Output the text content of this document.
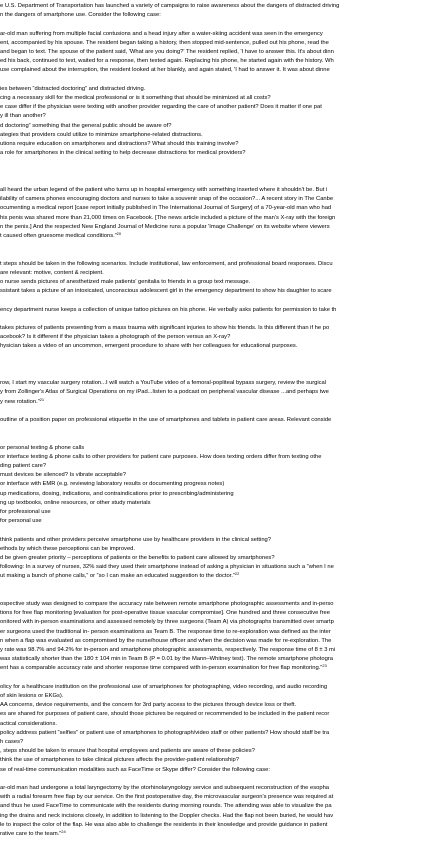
e U.S. Department of Transportation has launched a variety of campaigns to raise awareness about the dangers of distracted driving
n the dangers of smartphone use. Consider the following case:
ar-old man suffering from multiple facial contusions and a head injury after a water-skiing accident was seen in the emergency
ent, accompanied by his spouse. The resident began taking a history, then stopped mid-sentence, pulled out his phone, read the
and began to text. The spouse of the patient said, 'What are you doing?' The resident replied, 'I have to answer this. It's about dinn
ed his back, continued to text, waited for a response, then texted again. Replacing his phone, he started again with the history. Wh
use complained about the interruption, the resident looked at her blankly, and again stated, 'I had to answer it. It was about dinne
ies between “distracted doctoring” and distracted driving.
cing a necessary skill for the medical professional or is it something that should be minimized at all costs?
e case differ if the physician were texting with another provider regarding the care of another patient? Does it matter if one pat
y ill than another?
d doctoring” something that the general public should be aware of?
ategies that providers could utilize to minimize smartphone-related distractions.
utions require education on smartphones and distractions? What should this training involve?
a role for smartphones in the clinical setting to help decrease distractions for medical providers?
all heard the urban legend of the patient who turns up in hospital emergency with something inserted where it shouldn't be. But i
ilability of camera phones encouraging doctors and nurses to take a souvenir snap of the occasion?... A recent story in The Canbe
ocumenting a medical report [case report initially published in The International Journal of Surgery] of a 70-year-old man who had
his penis was shared more than 21,000 times on Facebook. [The news article included a picture of the man's X-ray with the foreign
n the penis.] And the respected New England Journal of Medicine runs a popular 'Image Challenge' on its website where viewers
t caused often gruesome medical conditions.”$^{20}$
t steps should be taken in the following scenarios. Include institutional, law enforcement, and professional board responses. Discu
are relevant: motive, content & recipient.
o nurse sends pictures of anesthetized male patients' genitalia to friends in a group text message.
ssistant takes a picture of an intoxicated, unconscious adolescent girl in the emergency department to show his daughter to scare
ency department nurse keeps a collection of unique tattoo pictures on his phone. He verbally asks patients for permission to take th
takes pictures of patients presenting from a mass trauma with significant injuries to show his friends. Is this different than if he po
acebook? Is it different if the physician takes a photograph of the person versus an X-ray?
hysician takes a video of an uncommon, emergent procedure to share with her colleagues for educational purposes.
row, I start my vascular surgery rotation...I will watch a YouTube video of a femoral-popliteal bypass surgery, review the surgical
y from Zollinger's Atlas of Surgical Operations on my iPad...listen to a podcast on peripheral vascular disease ...and perhaps twe
y new rotation.”$^{21}$
outline of a position paper on professional etiquette in the use of smartphones and tablets in patient care areas. Relevant conside
or personal texting & phone calls
or interface texting & phone calls to other providers for patient care purposes. How does texting orders differ from texting othe
ding patient care?
must devices be silenced? Is vibrate acceptable?
or interface with EMR (e.g. reviewing laboratory results or documenting progress notes)
up medications, dosing, indications, and contraindications prior to prescribing/administering
ng up textbooks, online resources, or other study materials
for professional use
for personal use
think patients and other providers perceive smartphone use by healthcare providers in the clinical setting?
ethods by which these perceptions can be improved.
d be given greater priority – perceptions of patients or the benefits to patient care allowed by smartphones?
following: In a survey of nurses, 32% said they used their smartphone instead of asking a physician in situations such a “when I ne
ut making a bunch of phone calls,” or “so I can make an educated suggestion to the doctor.”$^{22}$
ospective study was designed to compare the accuracy rate between remote smartphone photographic assessments and in-perso
tions for free flap monitoring [evaluation for post-operative tissue vascular compromise]. One hundred and three consecutive free
onitored with in-person examinations and assessed remotely by three surgeons (Team A) via photographs transmitted over smartp
er surgeons used the traditional in- person examinations as Team B. The response time to re-exploration was defined as the inter
n when a flap was evaluated as compromised by the nurse/house officer and when the decision was made for re-exploration. The
y rate was 98.7% and 94.2% for in-person and smartphone photographic assessments, respectively. The response time of 8 ± 3 mi
was statistically shorter than the 180 ± 104 min in Team B (P = 0.01 by the Mann–Whitney test). The remote smartphone photogra
ent has a comparable accuracy rate and shorter response time compared with in-person examination for free flap monitoring.”$^{23}$
olicy for a healthcare institution on the professional use of smartphones for photographing, video recording, and audio recording
of skin lesions or EKGs).
AA concerns, device requirements, and the concern for 3rd party access to the pictures through device loss or theft.
es are shared for purposes of patient care, should those pictures be required or recommended to be included in the patient recor
actical considerations.
policy address patient “selfies” or patient use of smartphones to photograph/video staff or other patients? How should staff be tra
h cases?
, steps should be taken to ensure that hospital employees and patients are aware of these policies?
think the use of smartphones to take clinical pictures affects the provider-patient relationship?
se of real-time communication modalities such as FaceTime or Skype differ? Consider the following case:
ar-old man had undergone a total laryngectomy by the otorhinolaryngology service and subsequent reconstruction of the esopha
with a radial forearm free flap by our service. On the first postoperative day, the microvascular surgeon's presence was required at
and thus he used FaceTime to communicate with the residents during morning rounds. The attending was able to visualize the pa
ing the drains and neck incisions closely, in addition to listening to the Doppler checks. Had the flap not been buried, he would hav
le to inspect the color of the flap. He was also able to challenge the residents in their knowledge and provide guidance in patient
rative care to the team.”$^{24}$
